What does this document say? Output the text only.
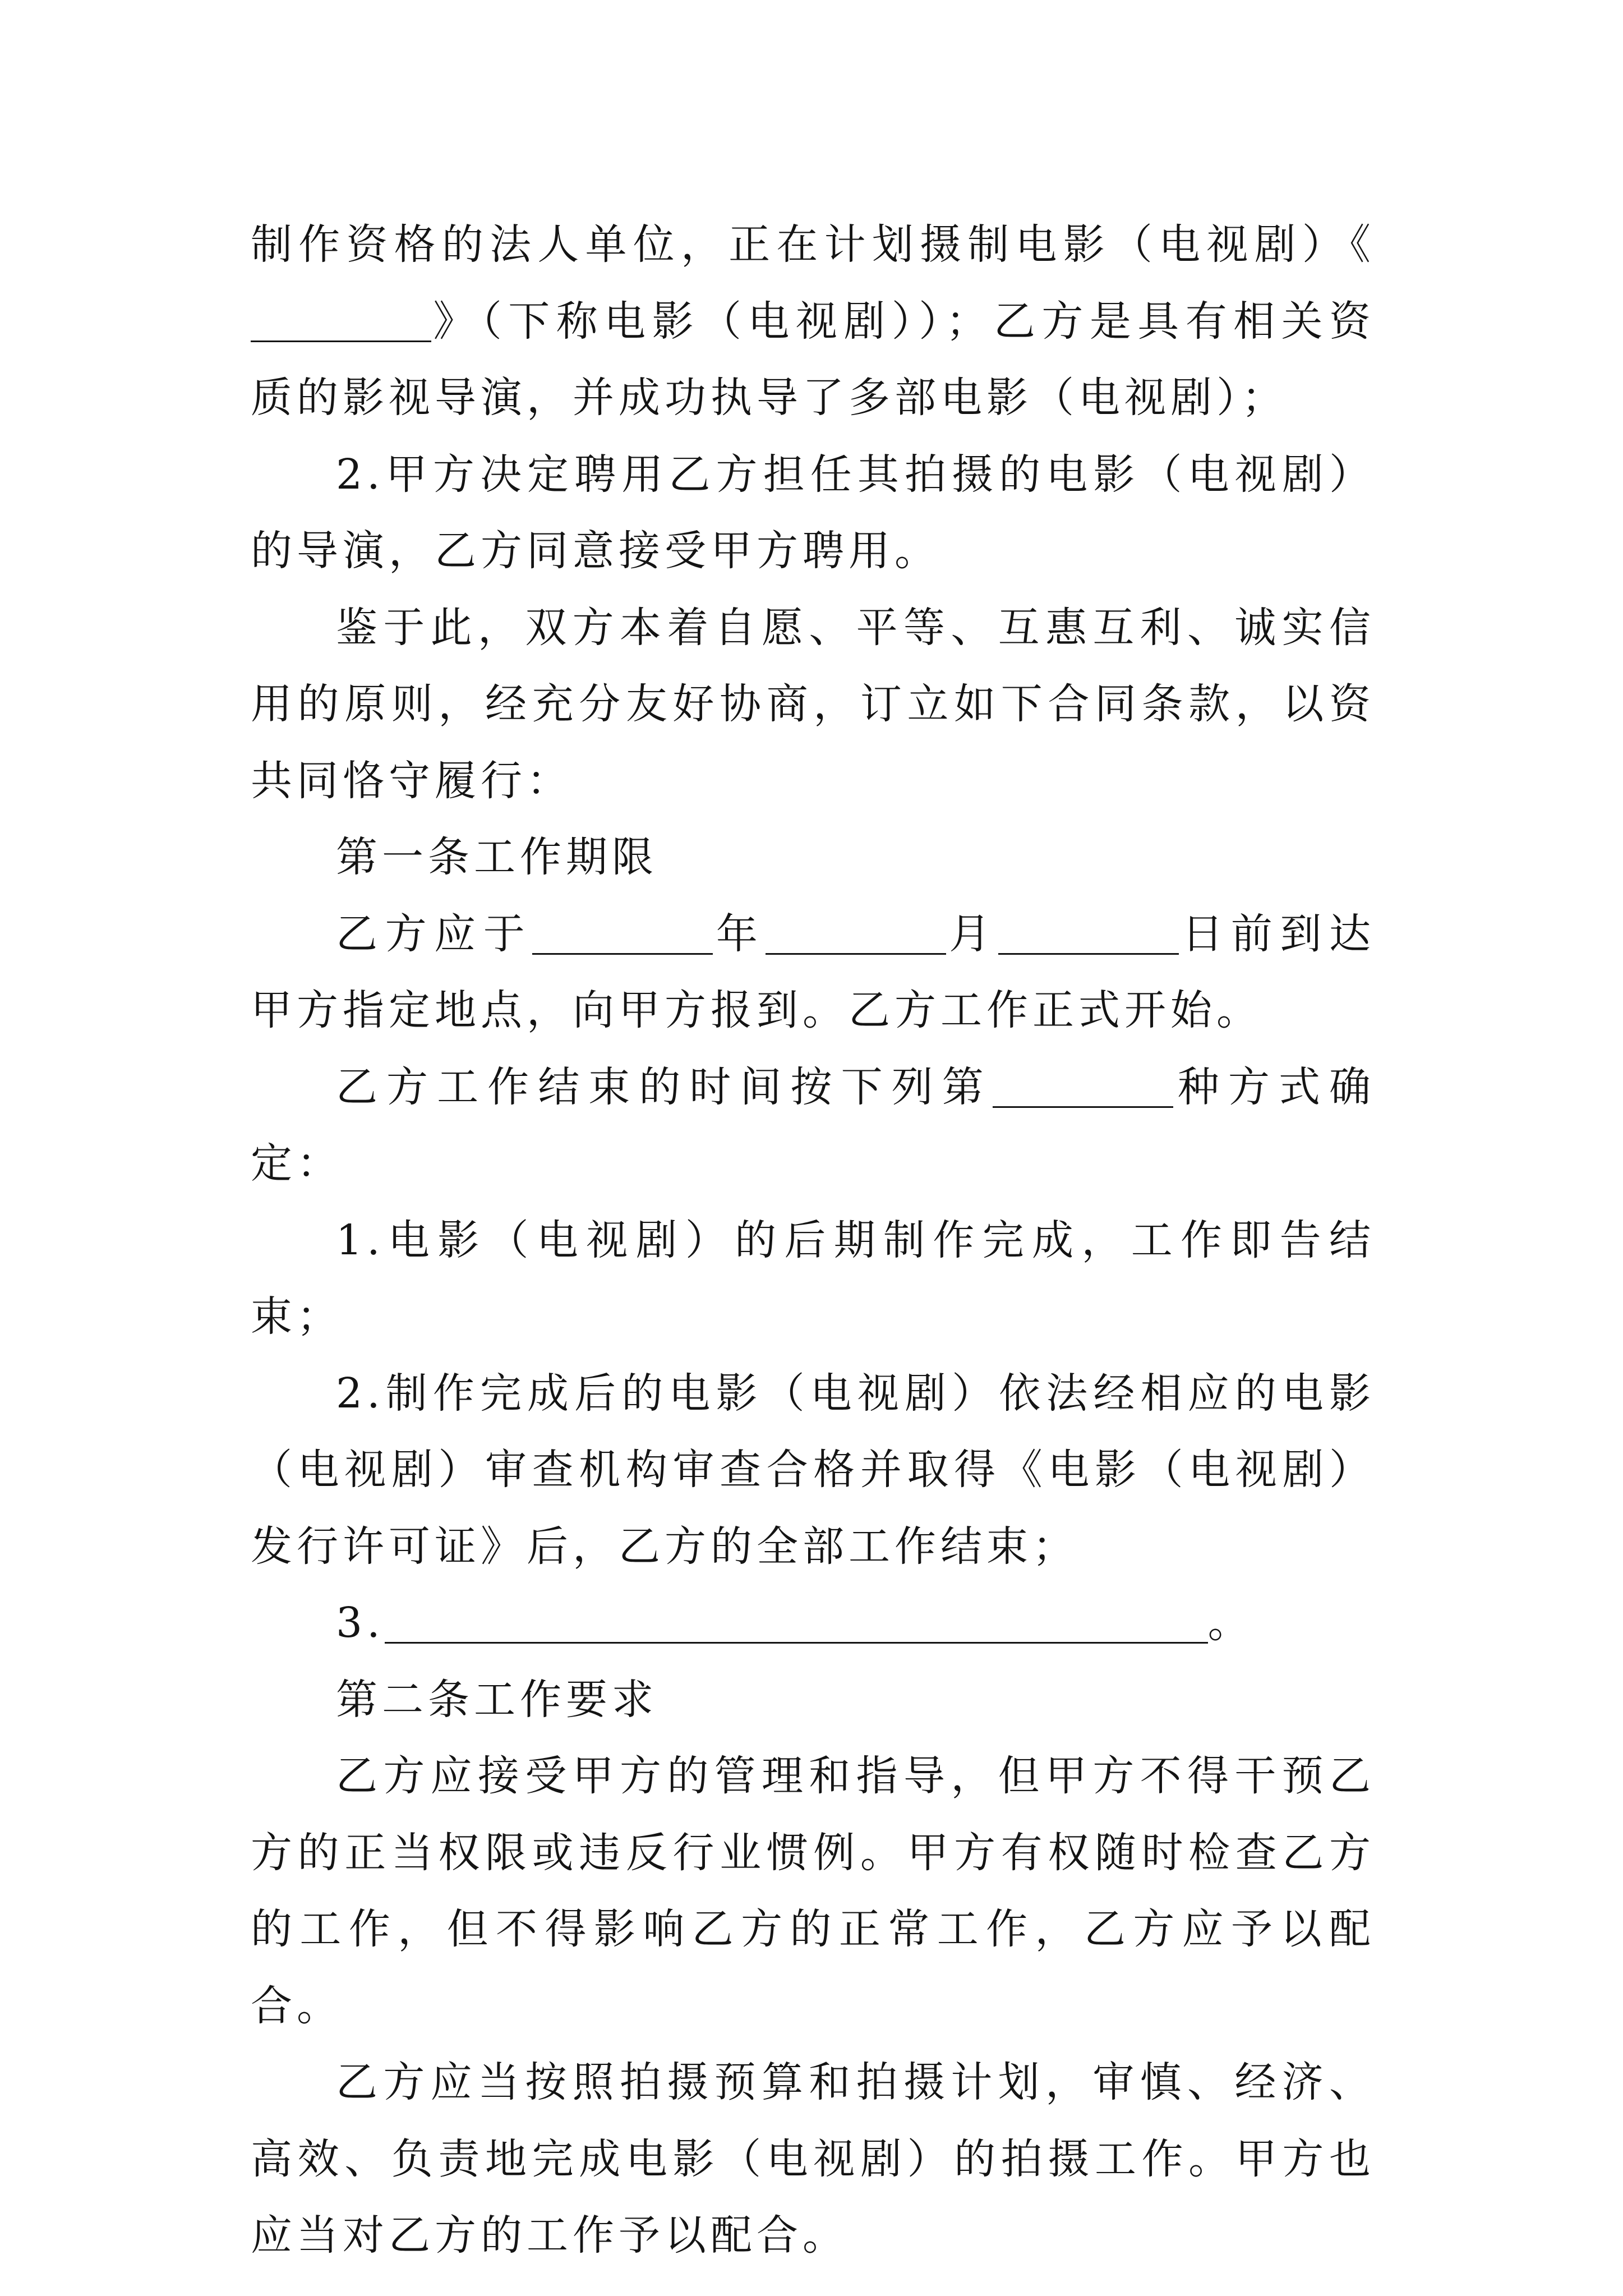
制作资格的法人单位，正在计划摄制电影（电视剧）《》（下称电影（电视剧））；乙方是具有相关资质的影视导演，并成功执导了多部电影（电视剧）；

2.甲方决定聘用乙方担任其拍摄的电影（电视剧）的导演，乙方同意接受甲方聘用。

鉴于此，双方本着自愿、平等、互惠互利、诚实信用的原则，经充分友好协商，订立如下合同条款，以资共同恪守履行：

第一条工作期限

乙方应于	年	月	日前到达甲方指定地点，向甲方报到。乙方工作正式开始。

乙方工作结束的时间按下列第	种方式确定：

1.电影（电视剧）的后期制作完成，工作即告结束；

2.制作完成后的电影（电视剧）依法经相应的电影（电视剧）审查机构审查合格并取得《电影（电视剧）发行许可证》后，乙方的全部工作结束；

3.	。

第二条工作要求

乙方应接受甲方的管理和指导，但甲方不得干预乙方的正当权限或违反行业惯例。甲方有权随时检查乙方的工作，但不得影响乙方的正常工作，乙方应予以配合。

乙方应当按照拍摄预算和拍摄计划，审慎、经济、高效、负责地完成电影（电视剧）的拍摄工作。甲方也应当对乙方的工作予以配合。
